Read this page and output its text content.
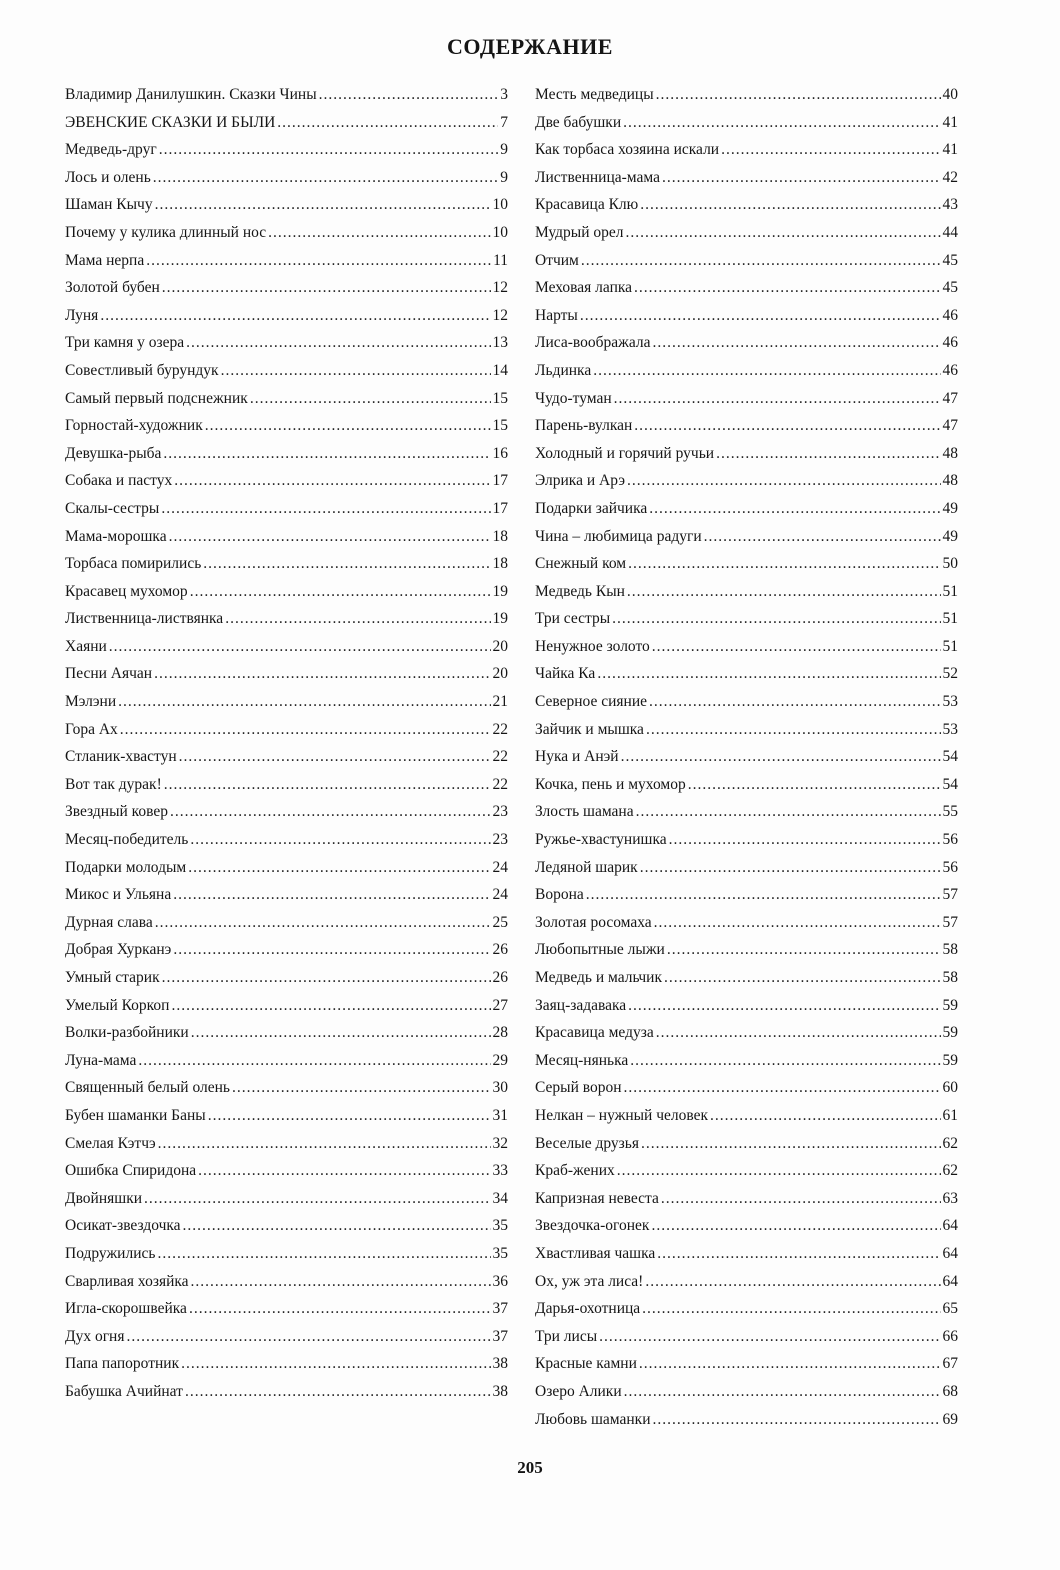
СОДЕРЖАНИЕ
Владимир Данилушкин. Сказки Чины .....	3
ЭВЕНСКИЕ СКАЗКИ И БЫЛИ .....	7
Медведь-друг .....	9
Лось и олень .....	9
Шаман Кычу .....	10
Почему у кулика длинный нос .....	10
Мама нерпа .....	11
Золотой бубен .....	12
Луня .....	12
Три камня у озера .....	13
Совестливый бурундук .....	14
Самый первый подснежник .....	15
Горностай-художник .....	15
Девушка-рыба .....	16
Собака и пастух .....	17
Скалы-сестры .....	17
Мама-морошка .....	18
Торбаса помирились .....	18
Красавец мухомор .....	19
Лиственница-листвянка .....	19
Хаяни .....	20
Песни Аячан .....	20
Мэлэни .....	21
Гора Ах .....	22
Стланик-хвастун .....	22
Вот так дурак! .....	22
Звездный ковер .....	23
Месяц-победитель .....	23
Подарки молодым .....	24
Микос и Ульяна .....	24
Дурная слава .....	25
Добрая Хурканэ .....	26
Умный старик .....	26
Умелый Коркоп .....	27
Волки-разбойники .....	28
Луна-мама .....	29
Священный белый олень .....	30
Бубен шаманки Баны .....	31
Смелая Кэтчэ .....	32
Ошибка Спиридона .....	33
Двойняшки .....	34
Осикат-звездочка .....	35
Подружились .....	35
Сварливая хозяйка .....	36
Игла-скорошвейка .....	37
Дух огня .....	37
Папа папоротник .....	38
Бабушка Ачийнат .....	38
Месть медведицы .....	40
Две бабушки .....	41
Как торбаса хозяина искали .....	41
Лиственница-мама .....	42
Красавица Клю .....	43
Мудрый орел .....	44
Отчим .....	45
Меховая лапка .....	45
Нарты .....	46
Лиса-воображала .....	46
Льдинка .....	46
Чудо-туман .....	47
Парень-вулкан .....	47
Холодный и горячий ручьи .....	48
Элрика и Арэ .....	48
Подарки зайчика .....	49
Чина – любимица радуги .....	49
Снежный ком .....	50
Медведь Кын .....	51
Три сестры .....	51
Ненужное золото .....	51
Чайка Ка .....	52
Северное сияние .....	53
Зайчик и мышка .....	53
Нука и Анэй .....	54
Кочка, пень и мухомор .....	54
Злость шамана .....	55
Ружье-хвастунишка .....	56
Ледяной шарик .....	56
Ворона .....	57
Золотая росомаха .....	57
Любопытные лыжи .....	58
Медведь и мальчик .....	58
Заяц-задавака .....	59
Красавица медуза .....	59
Месяц-нянька .....	59
Серый ворон .....	60
Нелкан – нужный человек .....	61
Веселые друзья .....	62
Краб-жених .....	62
Капризная невеста .....	63
Звездочка-огонек .....	64
Хвастливая чашка .....	64
Ох, уж эта лиса! .....	64
Дарья-охотница .....	65
Три лисы .....	66
Красные камни .....	67
Озеро Алики .....	68
Любовь шаманки .....	69
205
